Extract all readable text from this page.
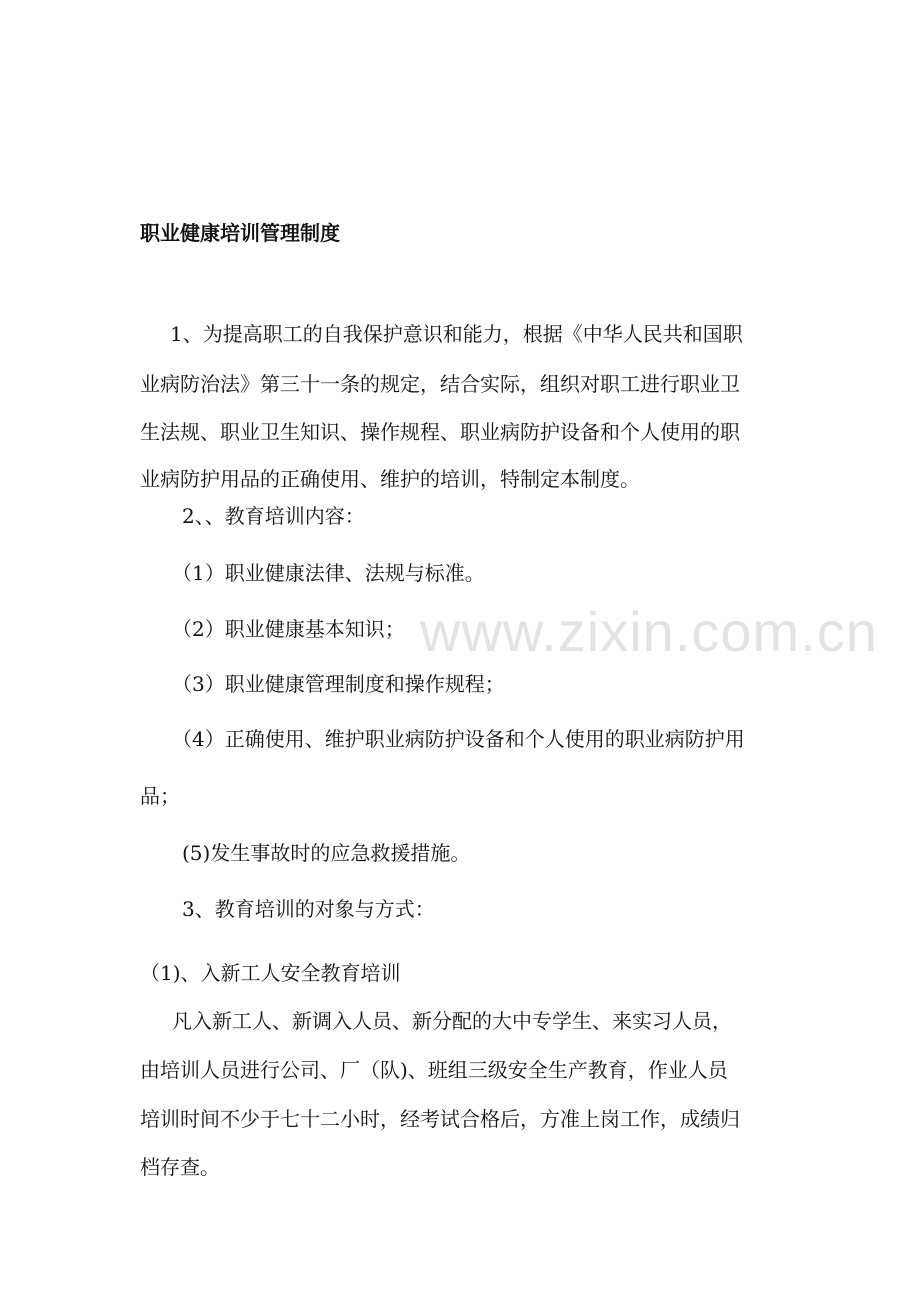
www.zixin.com.cn
职业健康培训管理制度
1、为提高职工的自我保护意识和能力，根据《中华人民共和国职
业病防治法》第三十一条的规定，结合实际，组织对职工进行职业卫
生法规、职业卫生知识、操作规程、职业病防护设备和个人使用的职
业病防护用品的正确使用、维护的培训，特制定本制度。
2、、教育培训内容：
（1）职业健康法律、法规与标准。
（2）职业健康基本知识；
（3）职业健康管理制度和操作规程；
（4）正确使用、维护职业病防护设备和个人使用的职业病防护用
品；
(5)发生事故时的应急救援措施。
3、教育培训的对象与方式：
（1)、入新工人安全教育培训
凡入新工人、新调入人员、新分配的大中专学生、来实习人员，
由培训人员进行公司、厂（队)、班组三级安全生产教育，作业人员
培训时间不少于七十二小时，经考试合格后，方准上岗工作，成绩归
档存查。
